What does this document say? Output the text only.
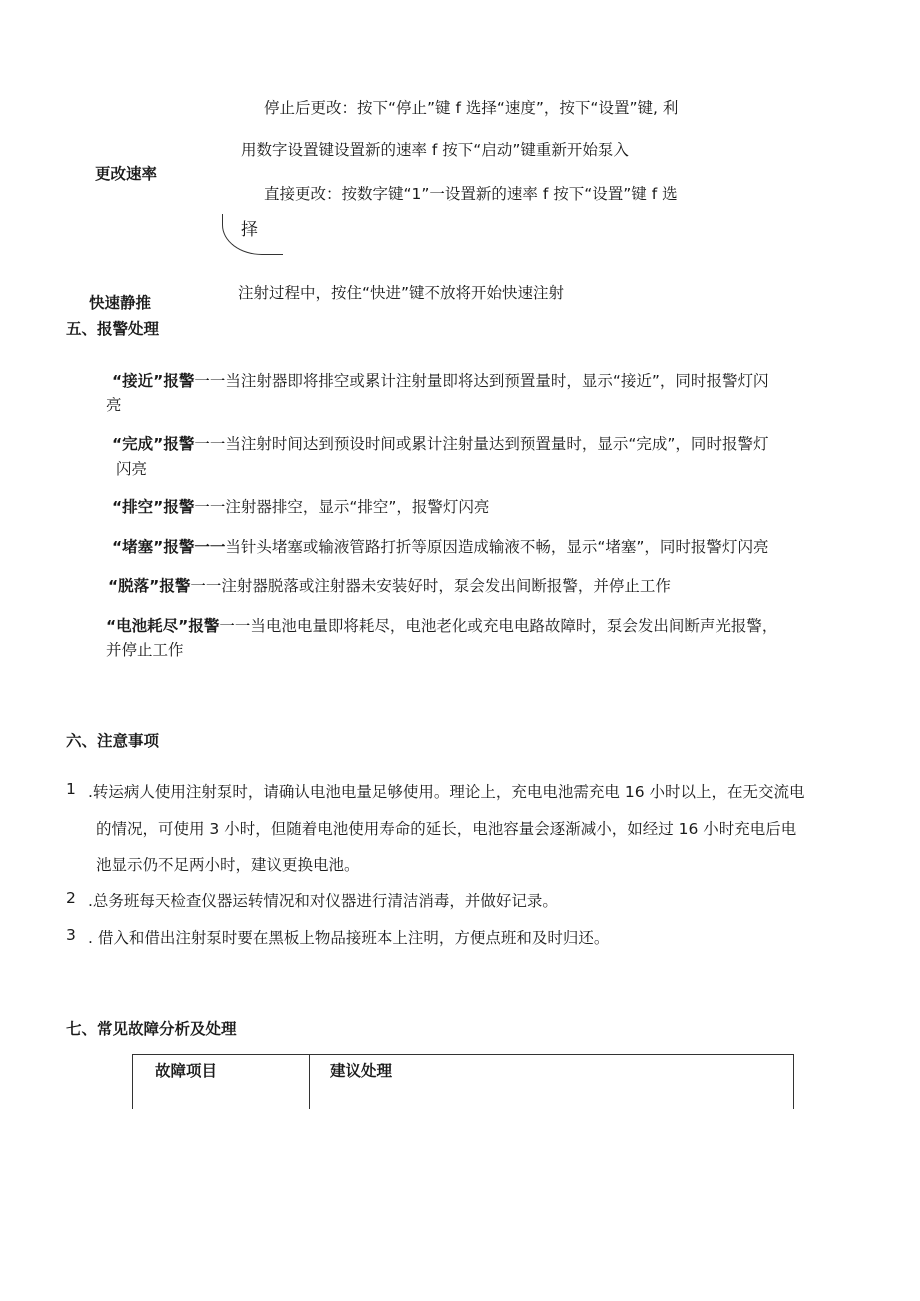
停止后更改：按下“停止”键 f 选择“速度”，按下“设置”键, 利
用数字设置键设置新的速率 f 按下“启动”键重新开始泵入
更改速率
直接更改：按数字键“1”一设置新的速率 f 按下“设置”键 f 选
择
注射过程中，按住“快进”键不放将开始快速注射
快速静推
五、报警处理
“接近”报警一一当注射器即将排空或累计注射量即将达到预置量时，显示“接近”，同时报警灯闪
亮
“完成”报警一一当注射时间达到预设时间或累计注射量达到预置量时，显示“完成”，同时报警灯
闪亮
“排空”报警一一注射器排空，显示“排空”，报警灯闪亮
“堵塞”报警一一当针头堵塞或输液管路打折等原因造成输液不畅，显示“堵塞”，同时报警灯闪亮
“脱落”报警一一注射器脱落或注射器未安装好时，泵会发出间断报警，并停止工作
“电池耗尽”报警一一当电池电量即将耗尽，电池老化或充电电路故障时，泵会发出间断声光报警，
并停止工作
六、注意事项
1 .转运病人使用注射泵时，请确认电池电量足够使用。理论上，充电电池需充电 16 小时以上，在无交流电
的情况，可使用 3 小时，但随着电池使用寿命的延长，电池容量会逐渐减小，如经过 16 小时充电后电
池显示仍不足两小时，建议更换电池。
2 .总务班每天检查仪器运转情况和对仪器进行清洁消毒，并做好记录。
3 . 借入和借出注射泵时要在黑板上物品接班本上注明，方便点班和及时归还。
七、常见故障分析及处理
故障项目	建议处理
